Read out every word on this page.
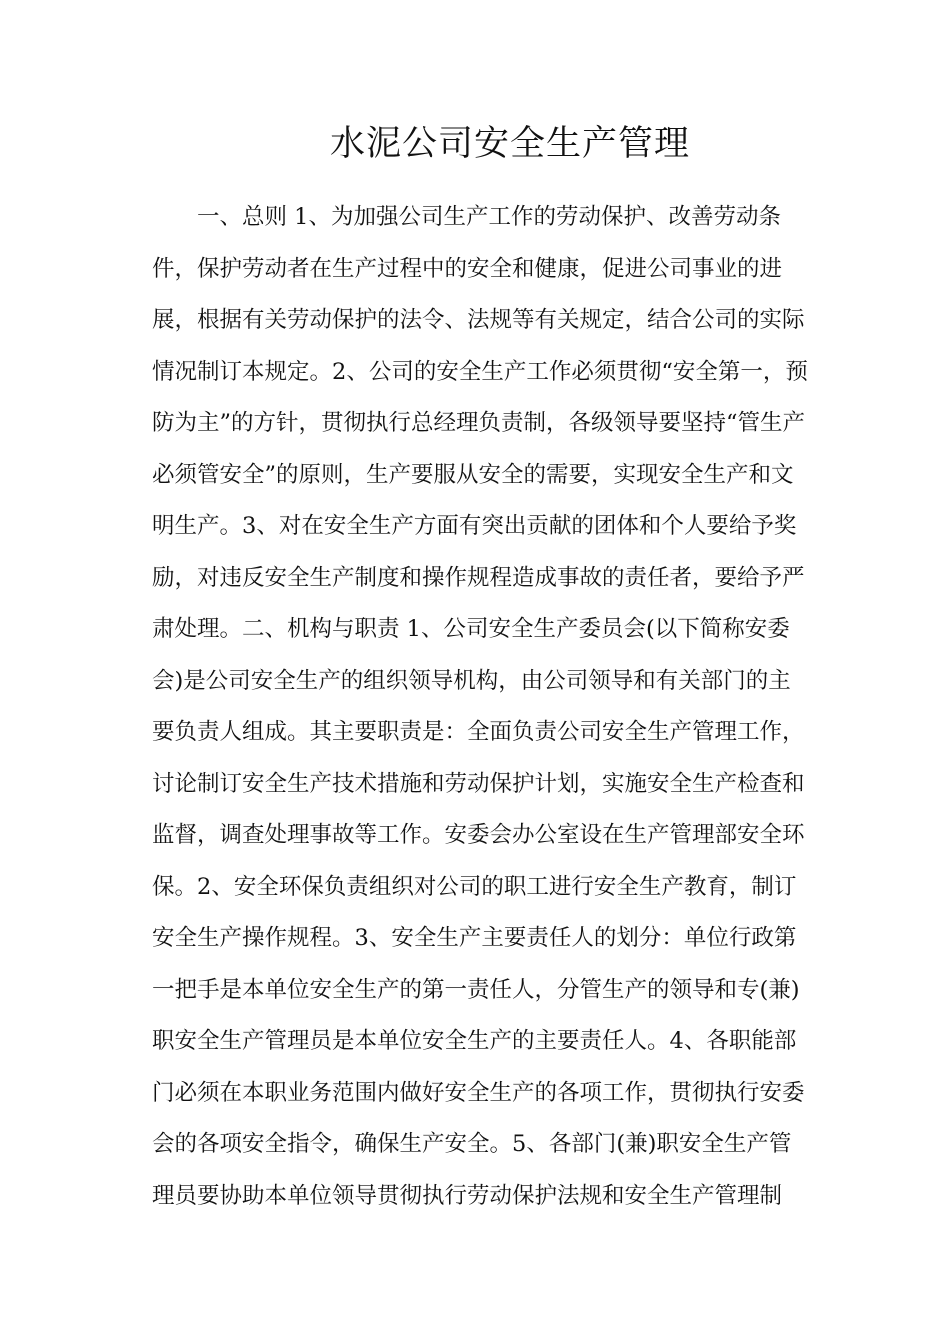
水泥公司安全生产管理
一、总则 1、为加强公司生产工作的劳动保护、改善劳动条
件，保护劳动者在生产过程中的安全和健康，促进公司事业的进
展，根据有关劳动保护的法令、法规等有关规定，结合公司的实际
情况制订本规定。2、公司的安全生产工作必须贯彻“安全第一，预
防为主”的方针，贯彻执行总经理负责制，各级领导要坚持“管生产
必须管安全”的原则，生产要服从安全的需要，实现安全生产和文
明生产。3、对在安全生产方面有突出贡献的团体和个人要给予奖
励，对违反安全生产制度和操作规程造成事故的责任者，要给予严
肃处理。二、机构与职责 1、公司安全生产委员会(以下简称安委
会)是公司安全生产的组织领导机构，由公司领导和有关部门的主
要负责人组成。其主要职责是：全面负责公司安全生产管理工作，
讨论制订安全生产技术措施和劳动保护计划，实施安全生产检查和
监督，调查处理事故等工作。安委会办公室设在生产管理部安全环
保。2、安全环保负责组织对公司的职工进行安全生产教育，制订
安全生产操作规程。3、安全生产主要责任人的划分：单位行政第
一把手是本单位安全生产的第一责任人，分管生产的领导和专(兼)
职安全生产管理员是本单位安全生产的主要责任人。4、各职能部
门必须在本职业务范围内做好安全生产的各项工作，贯彻执行安委
会的各项安全指令，确保生产安全。5、各部门(兼)职安全生产管
理员要协助本单位领导贯彻执行劳动保护法规和安全生产管理制
